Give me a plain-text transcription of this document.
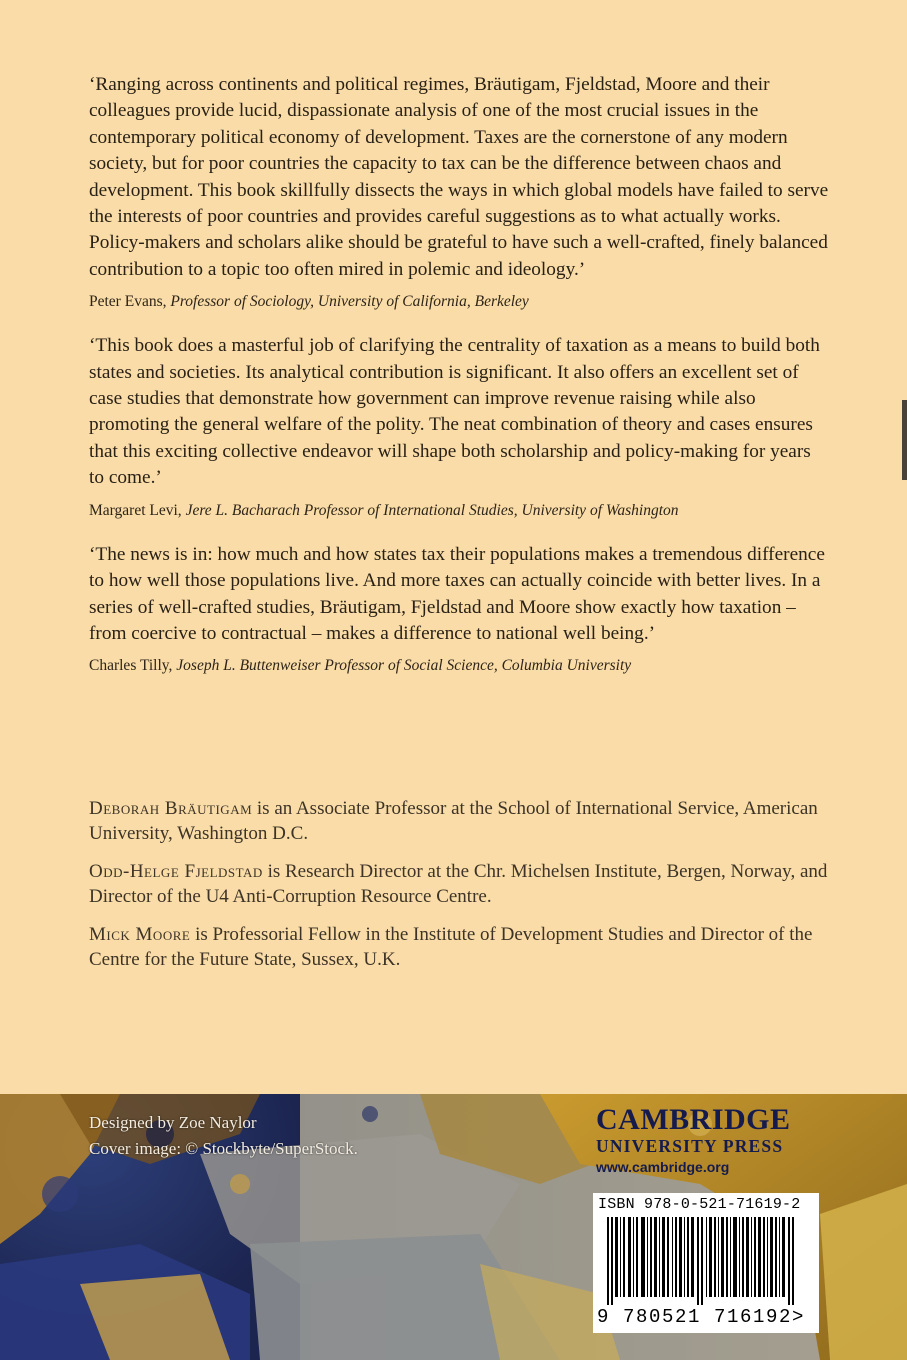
‘Ranging across continents and political regimes, Bräutigam, Fjeldstad, Moore and their colleagues provide lucid, dispassionate analysis of one of the most crucial issues in the contemporary political economy of development. Taxes are the cornerstone of any modern society, but for poor countries the capacity to tax can be the difference between chaos and development. This book skillfully dissects the ways in which global models have failed to serve the interests of poor countries and provides careful suggestions as to what actually works. Policy-makers and scholars alike should be grateful to have such a well-crafted, finely balanced contribution to a topic too often mired in polemic and ideology.’

Peter Evans, Professor of Sociology, University of California, Berkeley

‘This book does a masterful job of clarifying the centrality of taxation as a means to build both states and societies. Its analytical contribution is significant. It also offers an excellent set of case studies that demonstrate how government can improve revenue raising while also promoting the general welfare of the polity. The neat combination of theory and cases ensures that this exciting collective endeavor will shape both scholarship and policy-making for years to come.’

Margaret Levi, Jere L. Bacharach Professor of International Studies, University of Washington

‘The news is in: how much and how states tax their populations makes a tremendous difference to how well those populations live. And more taxes can actually coincide with better lives. In a series of well-crafted studies, Bräutigam, Fjeldstad and Moore show exactly how taxation – from coercive to contractual – makes a difference to national well being.’

Charles Tilly, Joseph L. Buttenweiser Professor of Social Science, Columbia University

Deborah Bräutigam is an Associate Professor at the School of International Service, American University, Washington D.C.

Odd-Helge Fjeldstad is Research Director at the Chr. Michelsen Institute, Bergen, Norway, and Director of the U4 Anti-Corruption Resource Centre.

Mick Moore is Professorial Fellow in the Institute of Development Studies and Director of the Centre for the Future State, Sussex, U.K.

Designed by Zoe Naylor
Cover image: © Stockbyte/SuperStock.
CAMBRIDGE
UNIVERSITY PRESS
www.cambridge.org
ISBN 978-0-521-71619-2
9 780521 716192>
